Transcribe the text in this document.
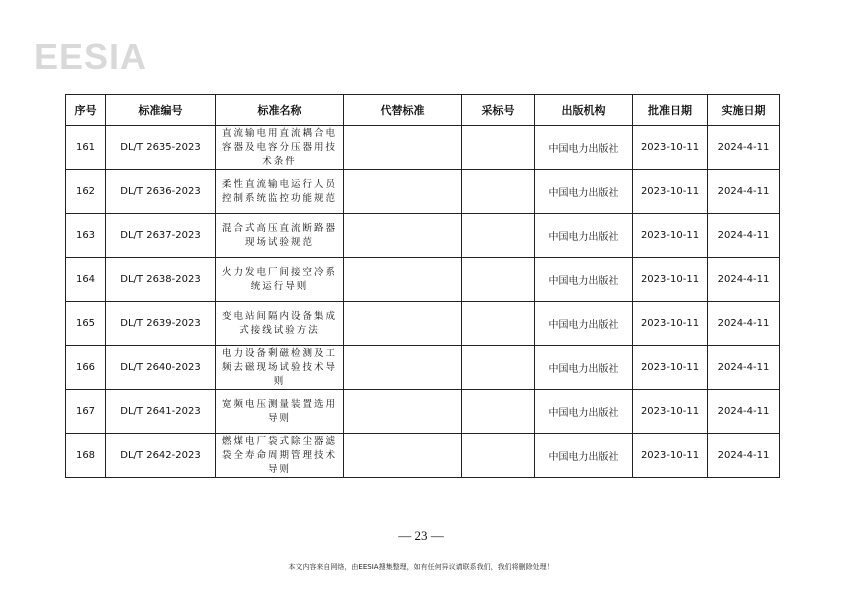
EESIA
序号	标准编号	标准名称	代替标准	采标号	出版机构	批准日期	实施日期
161	DL/T 2635-2023	直流输电用直流耦合电容器及电容分压器用技术条件			中国电力出版社	2023-10-11	2024-4-11
162	DL/T 2636-2023	柔性直流输电运行人员控制系统监控功能规范			中国电力出版社	2023-10-11	2024-4-11
163	DL/T 2637-2023	混合式高压直流断路器现场试验规范			中国电力出版社	2023-10-11	2024-4-11
164	DL/T 2638-2023	火力发电厂间接空冷系统运行导则			中国电力出版社	2023-10-11	2024-4-11
165	DL/T 2639-2023	变电站间隔内设备集成式接线试验方法			中国电力出版社	2023-10-11	2024-4-11
166	DL/T 2640-2023	电力设备剩磁检测及工频去磁现场试验技术导则			中国电力出版社	2023-10-11	2024-4-11
167	DL/T 2641-2023	宽频电压测量装置选用导则			中国电力出版社	2023-10-11	2024-4-11
168	DL/T 2642-2023	燃煤电厂袋式除尘器滤袋全寿命周期管理技术导则			中国电力出版社	2023-10-11	2024-4-11
— 23 —
本文内容来自网络，由EESIA搜集整理，如有任何异议请联系我们，我们将删除处理！
